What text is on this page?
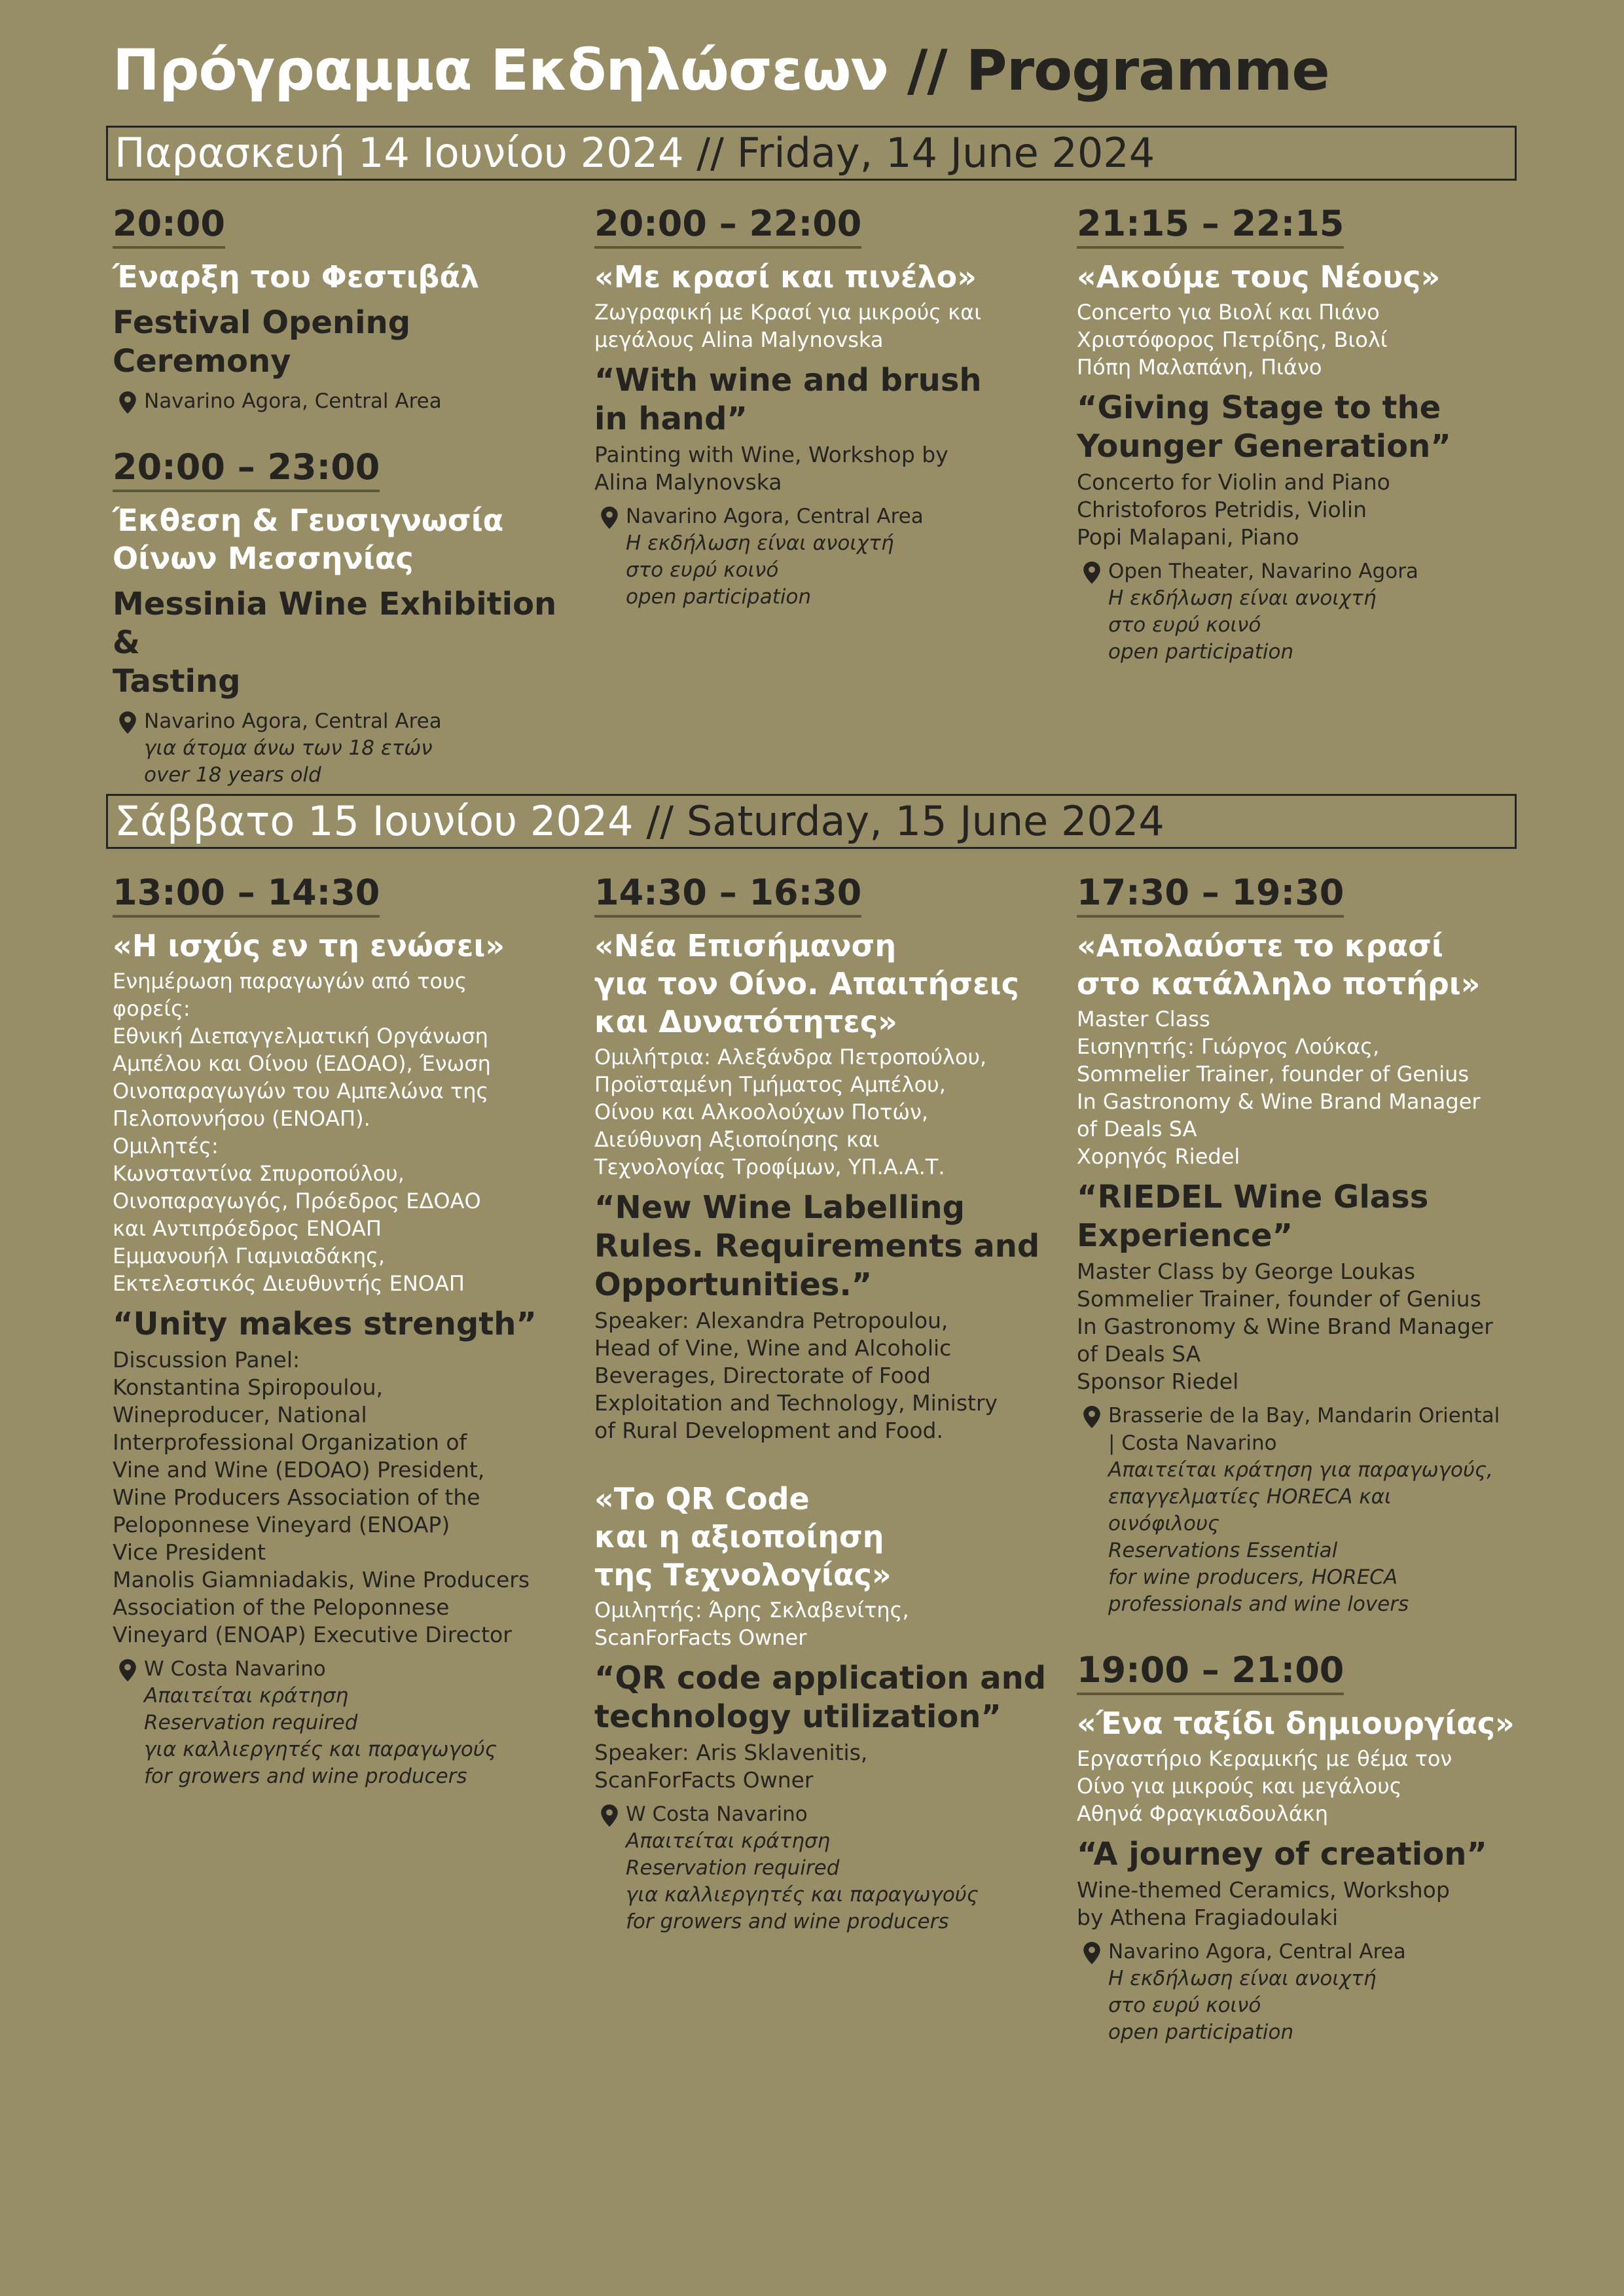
Πρόγραμμα Εκδηλώσεων // Programme
Παρασκευή 14 Ιουνίου 2024 // Friday, 14 June 2024
Σάββατο 15 Ιουνίου 2024 // Saturday, 15 June 2024
20:00
Έναρξη του Φεστιβάλ
Festival Opening
Ceremony
Navarino Agora, Central Area
20:00 – 23:00
Έκθεση & Γευσιγνωσία
Οίνων Μεσσηνίας
Messinia Wine Exhibition &
Tasting
Navarino Agora, Central Area
για άτομα άνω των 18 ετών
over 18 years old
20:00 – 22:00
«Με κρασί και πινέλο»
Ζωγραφική με Κρασί για μικρούς και
μεγάλους Alina Malynovska
“With wine and brush
in hand”
Painting with Wine, Workshop by
Alina Malynovska
Navarino Agora, Central Area
Η εκδήλωση είναι ανοιχτή
στο ευρύ κοινό
open participation
21:15 – 22:15
«Ακούμε τους Νέους»
Concerto για Βιολί και Πιάνο
Χριστόφορος Πετρίδης, Βιολί
Πόπη Μαλαπάνη, Πιάνο
“Giving Stage to the
Younger Generation”
Concerto for Violin and Piano
Christoforos Petridis, Violin
Popi Malapani, Piano
Open Theater, Navarino Agora
Η εκδήλωση είναι ανοιχτή
στο ευρύ κοινό
open participation
13:00 – 14:30
«Η ισχύς εν τη ενώσει»
Ενημέρωση παραγωγών από τους
φορείς:
Εθνική Διεπαγγελματική Οργάνωση
Αμπέλου και Οίνου (ΕΔΟΑΟ), Ένωση
Οινοπαραγωγών του Αμπελώνα της
Πελοποννήσου (ΕΝΟΑΠ).
Ομιλητές:
Κωνσταντίνα Σπυροπούλου,
Οινοπαραγωγός, Πρόεδρος ΕΔΟΑΟ
και Αντιπρόεδρος ΕΝΟΑΠ
Εμμανουήλ Γιαμνιαδάκης,
Εκτελεστικός Διευθυντής ΕΝΟΑΠ
“Unity makes strength”
Discussion Panel:
Konstantina Spiropoulou,
Wineproducer, National
Interprofessional Organization of
Vine and Wine (EDOAO) President,
Wine Producers Association of the
Peloponnese Vineyard (ENOAP)
Vice President
Manolis Giamniadakis, Wine Producers
Association of the Peloponnese
Vineyard (ENOAP) Executive Director
W Costa Navarino
Απαιτείται κράτηση
Reservation required
για καλλιεργητές και παραγωγούς
for growers and wine producers
14:30 – 16:30
«Νέα Επισήμανση
για τον Οίνο. Απαιτήσεις
και Δυνατότητες»
Ομιλήτρια: Αλεξάνδρα Πετροπούλου,
Προϊσταμένη Τμήματος Αμπέλου,
Οίνου και Αλκοολούχων Ποτών,
Διεύθυνση Αξιοποίησης και
Τεχνολογίας Τροφίμων, ΥΠ.Α.Α.Τ.
“New Wine Labelling
Rules. Requirements and
Opportunities.”
Speaker: Alexandra Petropoulou,
Head of Vine, Wine and Alcoholic
Beverages, Directorate of Food
Exploitation and Technology, Ministry
of Rural Development and Food.
«Το QR Code
και η αξιοποίηση
της Τεχνολογίας»
Ομιλητής: Άρης Σκλαβενίτης,
ScanForFacts Owner
“QR code application and
technology utilization”
Speaker: Aris Sklavenitis,
ScanForFacts Owner
W Costa Navarino
Απαιτείται κράτηση
Reservation required
για καλλιεργητές και παραγωγούς
for growers and wine producers
17:30 – 19:30
«Απολαύστε το κρασί
στο κατάλληλο ποτήρι»
Master Class
Εισηγητής: Γιώργος Λούκας,
Sommelier Trainer, founder of Genius
In Gastronomy & Wine Brand Manager
of Deals SA
Χορηγός Riedel
“RIEDEL Wine Glass
Experience”
Master Class by George Loukas
Sommelier Trainer, founder of Genius
In Gastronomy & Wine Brand Manager
of Deals SA
Sponsor Riedel
Brasserie de la Bay, Mandarin Oriental
| Costa Navarino
Απαιτείται κράτηση για παραγωγούς,
επαγγελματίες HORECA και
οινόφιλους
Reservations Essential
for wine producers, HORECA
professionals and wine lovers
19:00 – 21:00
«Ένα ταξίδι δημιουργίας»
Εργαστήριο Κεραμικής με θέμα τον
Οίνο για μικρούς και μεγάλους
Αθηνά Φραγκιαδουλάκη
“A journey of creation”
Wine-themed Ceramics, Workshop
by Athena Fragiadoulaki
Navarino Agora, Central Area
Η εκδήλωση είναι ανοιχτή
στο ευρύ κοινό
open participation
